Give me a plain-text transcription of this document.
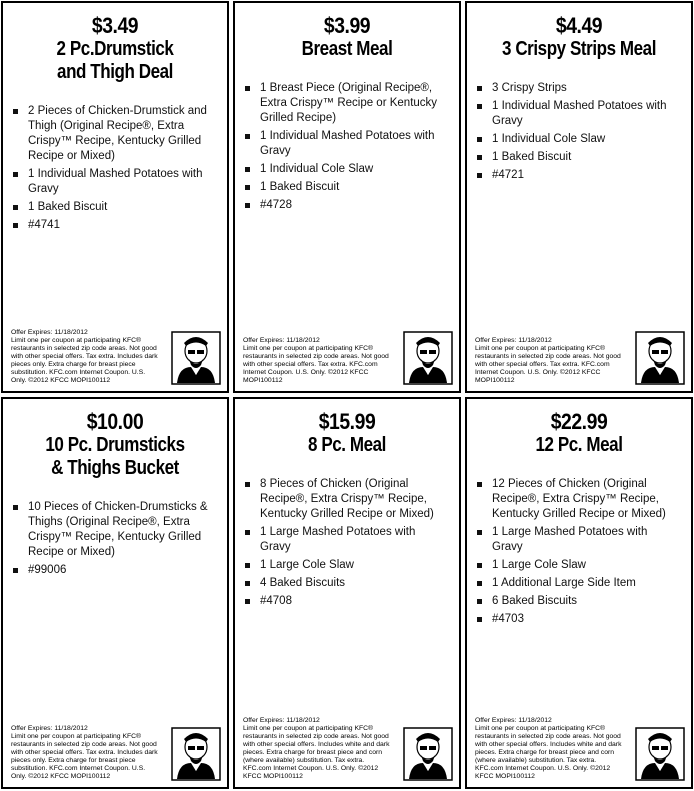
$3.49
2 Pc.Drumstick
and Thigh Deal
2 Pieces of Chicken-Drumstick and Thigh (Original Recipe®, Extra Crispy™ Recipe, Kentucky Grilled Recipe or Mixed)
1 Individual Mashed Potatoes with Gravy
1 Baked Biscuit
#4741
Offer Expires: 11/18/2012
Limit one per coupon at participating KFC® restaurants in selected zip code areas. Not good with other special offers. Tax extra. Includes dark pieces only. Extra charge for breast piece substitution. KFC.com Internet Coupon. U.S. Only. ©2012 KFCC MOPI100112
$3.99
Breast Meal
1 Breast Piece (Original Recipe®, Extra Crispy™ Recipe or Kentucky Grilled Recipe)
1 Individual Mashed Potatoes with Gravy
1 Individual Cole Slaw
1 Baked Biscuit
#4728
Offer Expires: 11/18/2012
Limit one per coupon at participating KFC® restaurants in selected zip code areas. Not good with other special offers. Tax extra. KFC.com Internet Coupon. U.S. Only. ©2012 KFCC MOPI100112
$4.49
3 Crispy Strips Meal
3 Crispy Strips
1 Individual Mashed Potatoes with Gravy
1 Individual Cole Slaw
1 Baked Biscuit
#4721
Offer Expires: 11/18/2012
Limit one per coupon at participating KFC® restaurants in selected zip code areas. Not good with other special offers. Tax extra. KFC.com Internet Coupon. U.S. Only. ©2012 KFCC MOPI100112
$10.00
10 Pc. Drumsticks
& Thighs Bucket
10 Pieces of Chicken-Drumsticks & Thighs (Original Recipe®, Extra Crispy™ Recipe, Kentucky Grilled Recipe or Mixed)
#99006
Offer Expires: 11/18/2012
Limit one per coupon at participating KFC® restaurants in selected zip code areas. Not good with other special offers. Tax extra. Includes dark pieces only. Extra charge for breast piece substitution. KFC.com Internet Coupon. U.S. Only. ©2012 KFCC MOPI100112
$15.99
8 Pc. Meal
8 Pieces of Chicken (Original Recipe®, Extra Crispy™ Recipe, Kentucky Grilled Recipe or Mixed)
1 Large Mashed Potatoes with Gravy
1 Large Cole Slaw
4 Baked Biscuits
#4708
Offer Expires: 11/18/2012
Limit one per coupon at participating KFC® restaurants in selected zip code areas. Not good with other special offers. Includes white and dark pieces. Extra charge for breast piece and corn (where available) substitution. Tax extra. KFC.com Internet Coupon. U.S. Only. ©2012 KFCC MOPI100112
$22.99
12 Pc. Meal
12 Pieces of Chicken (Original Recipe®, Extra Crispy™ Recipe, Kentucky Grilled Recipe or Mixed)
1 Large Mashed Potatoes with Gravy
1 Large Cole Slaw
1 Additional Large Side Item
6 Baked Biscuits
#4703
Offer Expires: 11/18/2012
Limit one per coupon at participating KFC® restaurants in selected zip code areas. Not good with other special offers. Includes white and dark pieces. Extra charge for breast piece and corn (where available) substitution. Tax extra. KFC.com Internet Coupon. U.S. Only. ©2012 KFCC MOPI100112
